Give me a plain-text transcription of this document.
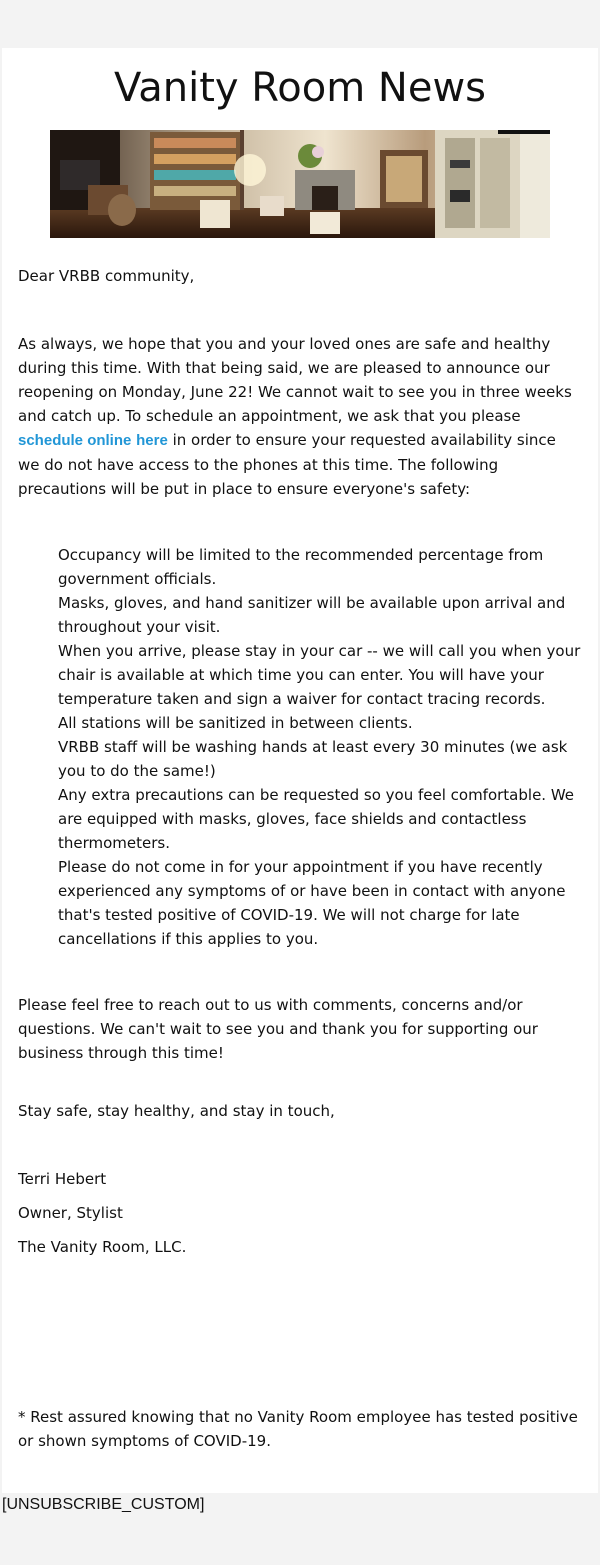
Vanity Room News

Dear VRBB community,

As always, we hope that you and your loved ones are safe and healthy during this time. With that being said, we are pleased to announce our reopening on Monday, June 22! We cannot wait to see you in three weeks and catch up. To schedule an appointment, we ask that you please schedule online here in order to ensure your requested availability since we do not have access to the phones at this time. The following precautions will be put in place to ensure everyone's safety:

Occupancy will be limited to the recommended percentage from government officials.
Masks, gloves, and hand sanitizer will be available upon arrival and throughout your visit.
When you arrive, please stay in your car -- we will call you when your chair is available at which time you can enter. You will have your temperature taken and sign a waiver for contact tracing records.
All stations will be sanitized in between clients.
VRBB staff will be washing hands at least every 30 minutes (we ask you to do the same!)
Any extra precautions can be requested so you feel comfortable. We are equipped with masks, gloves, face shields and contactless thermometers.
Please do not come in for your appointment if you have recently experienced any symptoms of or have been in contact with anyone that's tested positive of COVID-19. We will not charge for late cancellations if this applies to you.

Please feel free to reach out to us with comments, concerns and/or questions. We can't wait to see you and thank you for supporting our business through this time!

Stay safe, stay healthy, and stay in touch,

Terri Hebert

Owner, Stylist

The Vanity Room, LLC.

* Rest assured knowing that no Vanity Room employee has tested positive or shown symptoms of COVID-19.

[UNSUBSCRIBE_CUSTOM]
